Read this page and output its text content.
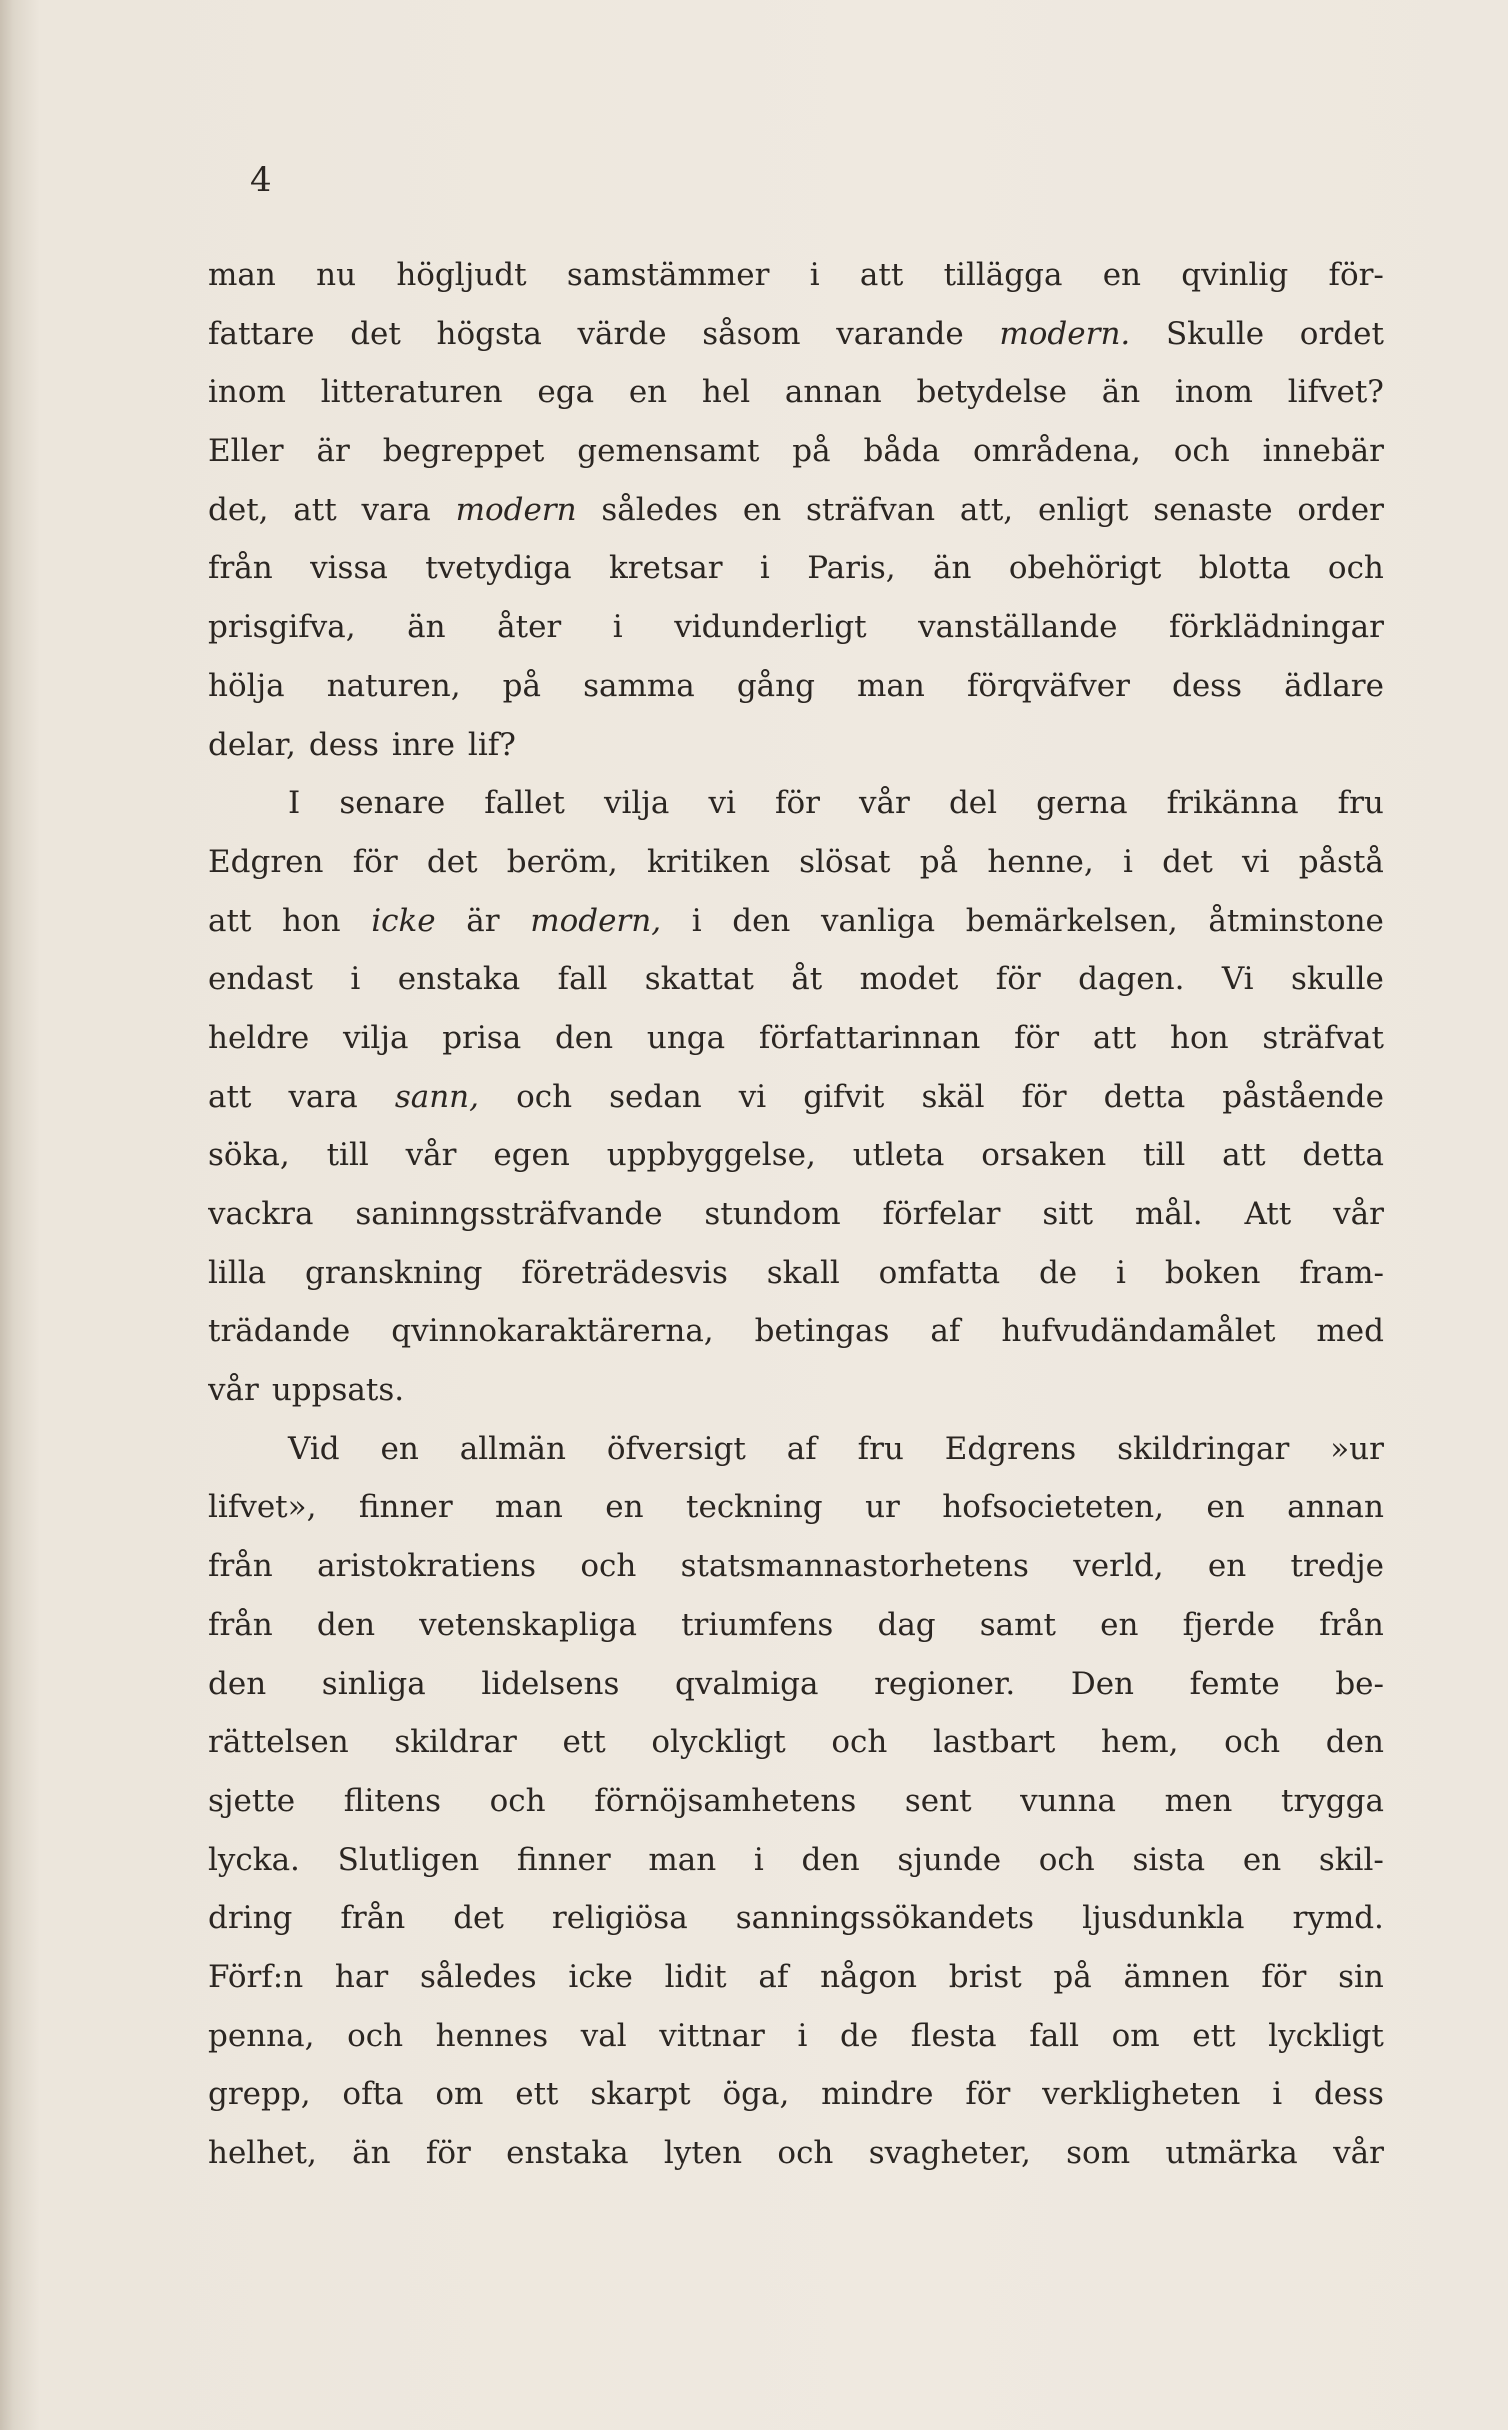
4
man nu högljudt samstämmer i att tillägga en qvinlig för-
fattare det högsta värde såsom varande modern. Skulle ordet
inom litteraturen ega en hel annan betydelse än inom lifvet?
Eller är begreppet gemensamt på båda områdena, och innebär
det, att vara modern således en sträfvan att, enligt senaste order
från vissa tvetydiga kretsar i Paris, än obehörigt blotta och
prisgifva, än åter i vidunderligt vanställande förklädningar
hölja naturen, på samma gång man förqväfver dess ädlare
delar, dess inre lif?
I senare fallet vilja vi för vår del gerna frikänna fru
Edgren för det beröm, kritiken slösat på henne, i det vi påstå
att hon icke är modern, i den vanliga bemärkelsen, åtminstone
endast i enstaka fall skattat åt modet för dagen. Vi skulle
heldre vilja prisa den unga författarinnan för att hon sträfvat
att vara sann, och sedan vi gifvit skäl för detta påstående
söka, till vår egen uppbyggelse, utleta orsaken till att detta
vackra saninngssträfvande stundom förfelar sitt mål. Att vår
lilla granskning företrädesvis skall omfatta de i boken fram-
trädande qvinnokaraktärerna, betingas af hufvudändamålet med
vår uppsats.
Vid en allmän öfversigt af fru Edgrens skildringar »ur
lifvet», finner man en teckning ur hofsocieteten, en annan
från aristokratiens och statsmannastorhetens verld, en tredje
från den vetenskapliga triumfens dag samt en fjerde från
den sinliga lidelsens qvalmiga regioner. Den femte be-
rättelsen skildrar ett olyckligt och lastbart hem, och den
sjette flitens och förnöjsamhetens sent vunna men trygga
lycka. Slutligen finner man i den sjunde och sista en skil-
dring från det religiösa sanningssökandets ljusdunkla rymd.
Förf:n har således icke lidit af någon brist på ämnen för sin
penna, och hennes val vittnar i de flesta fall om ett lyckligt
grepp, ofta om ett skarpt öga, mindre för verkligheten i dess
helhet, än för enstaka lyten och svagheter, som utmärka vår
